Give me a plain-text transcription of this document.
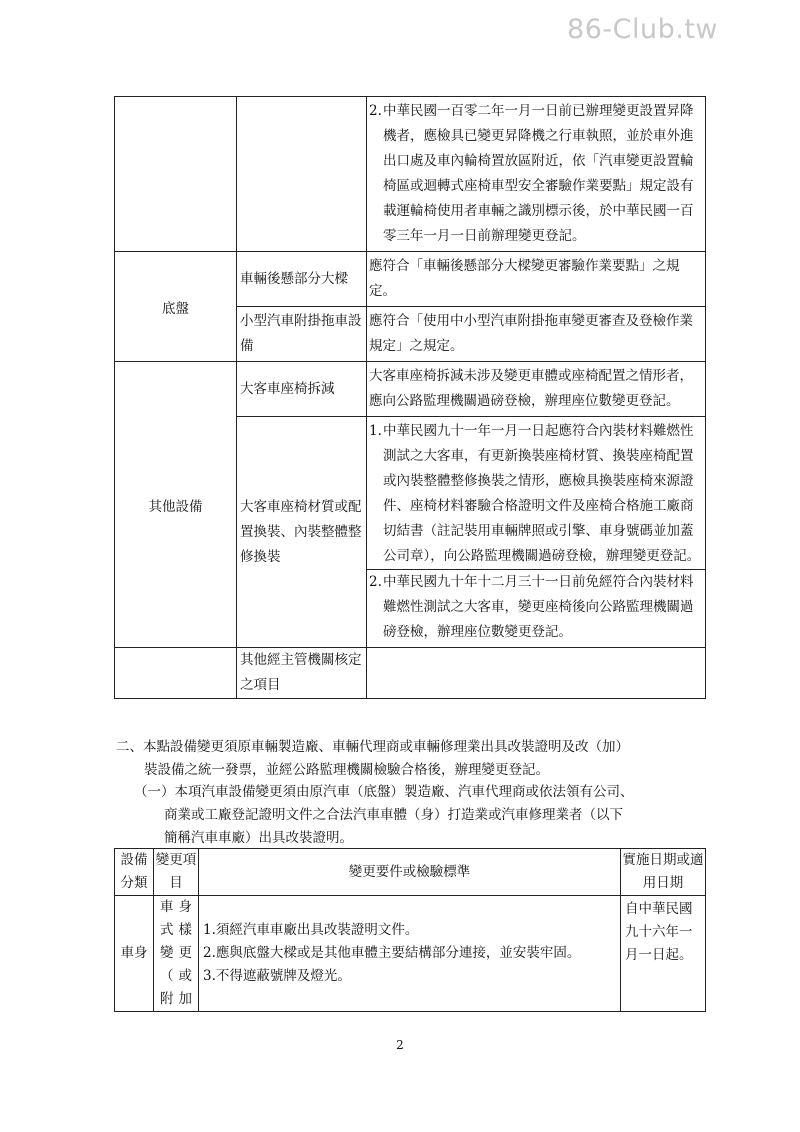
86-Club.tw

		2. 中華民國一百零二年一月一日前已辦理變更設置昇降機者，應檢具已變更昇降機之行車執照，並於車外進出口處及車內輪椅置放區附近，依「汽車變更設置輪椅區或迴轉式座椅車型安全審驗作業要點」規定設有載運輪椅使用者車輛之識別標示後，於中華民國一百零三年一月一日前辦理變更登記。

底盤	車輛後懸部分大樑	應符合「車輛後懸部分大樑變更審驗作業要點」之規定。
	小型汽車附掛拖車設備	應符合「使用中小型汽車附掛拖車變更審查及登檢作業規定」之規定。
其他設備	大客車座椅拆減	大客車座椅拆減未涉及變更車體或座椅配置之情形者，應向公路監理機關過磅登檢，辦理座位數變更登記。
	大客車座椅材質或配置換裝、內裝整體整修換裝	1. 中華民國九十一年一月一日起應符合內裝材料難燃性測試之大客車，有更新換裝座椅材質、換裝座椅配置或內裝整體整修換裝之情形，應檢具換裝座椅來源證件、座椅材料審驗合格證明文件及座椅合格施工廠商切結書（註記裝用車輛牌照或引擎、車身號碼並加蓋公司章），向公路監理機關過磅登檢，辦理變更登記。
2. 中華民國九十年十二月三十一日前免經符合內裝材料難燃性測試之大客車，變更座椅後向公路監理機關過磅登檢，辦理座位數變更登記。

	其他經主管機關核定之項目	
二、本點設備變更須原車輛製造廠、車輛代理商或車輛修理業出具改裝證明及改（加）
裝設備之統一發票，並經公路監理機關檢驗合格後，辦理變更登記。
（一）本項汽車設備變更須由原汽車（底盤）製造廠、汽車代理商或依法領有公司、
商業或工廠登記證明文件之合法汽車車體（身）打造業或汽車修理業者（以下
簡稱汽車車廠）出具改裝證明。
設備分類	變更項目	變更要件或檢驗標準	實施日期或適用日期
車身	車身式樣變更（或附加	1.須經汽車車廠出具改裝證明文件。
2.應與底盤大樑或是其他車體主要結構部分連接，並安裝牢固。
3.不得遮蔽號牌及燈光。	自中華民國九十六年一月一日起。
2
